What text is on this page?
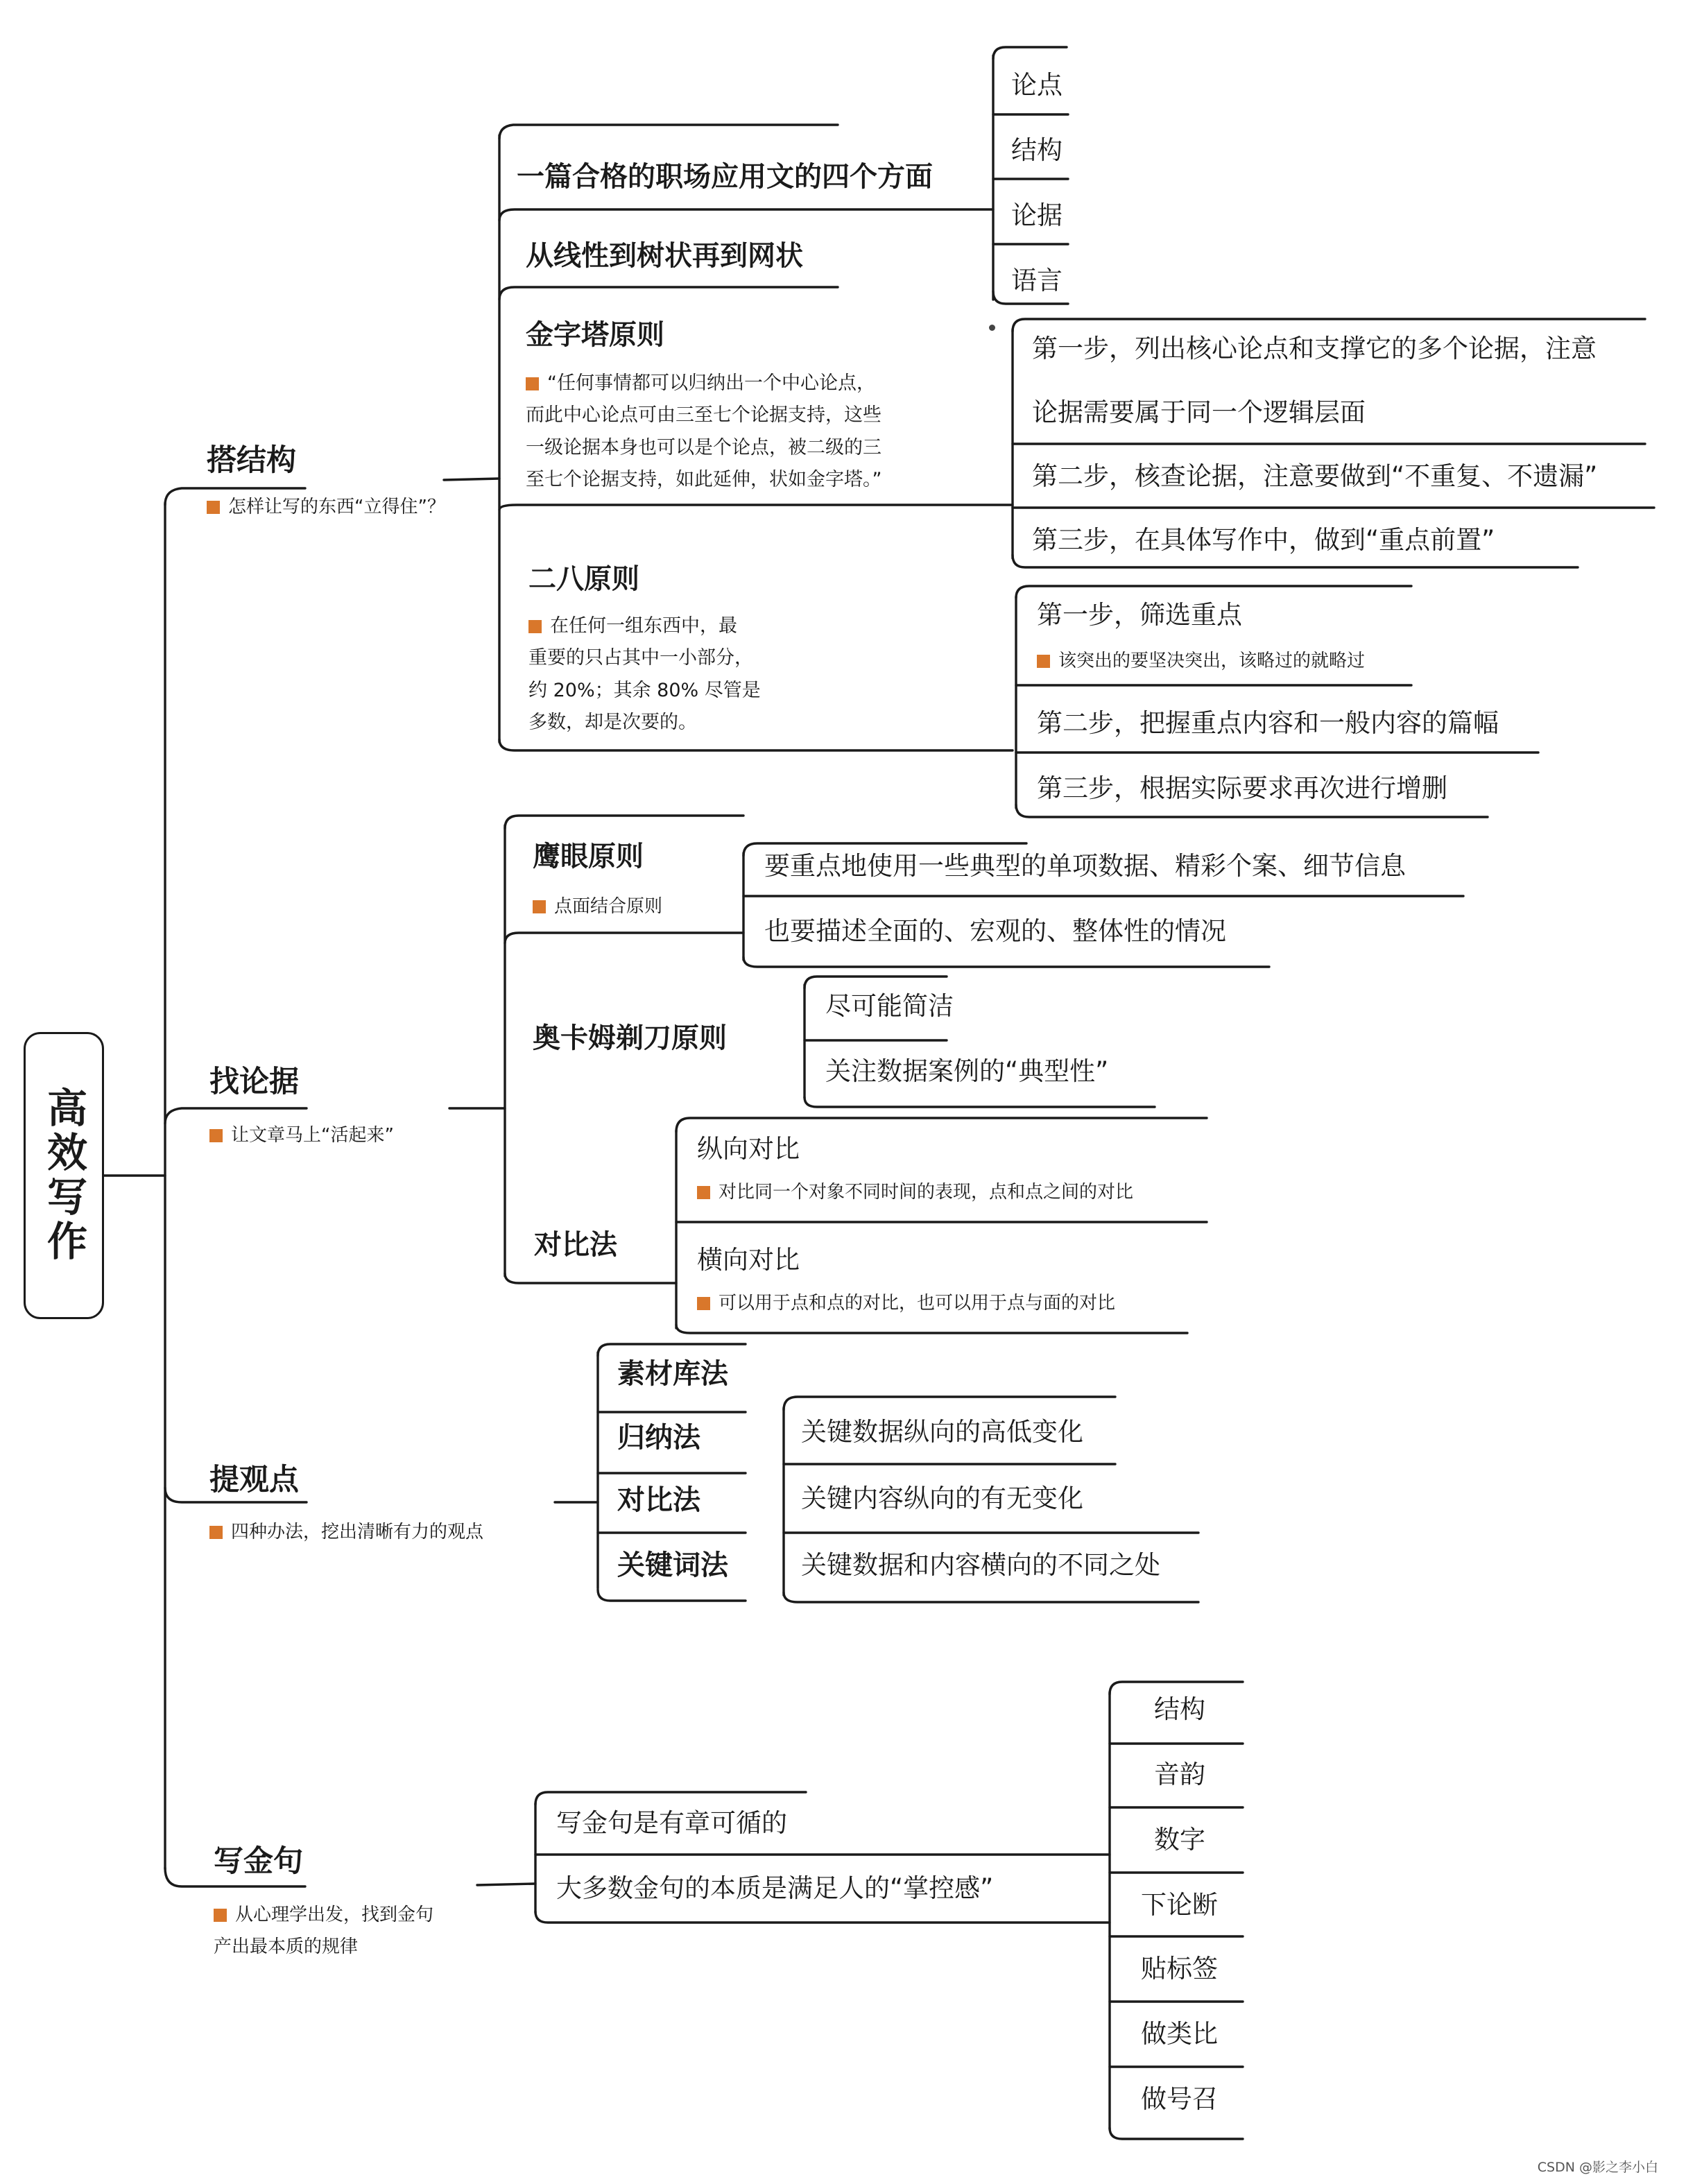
高效写作
搭结构
怎样让写的东西“立得住”？
一篇合格的职场应用文的四个方面
论点
结构
论据
语言
从线性到树状再到网状
金字塔原则
“任何事情都可以归纳出一个中心论点，
而此中心论点可由三至七个论据支持，这些
一级论据本身也可以是个论点，被二级的三
至七个论据支持，如此延伸，状如金字塔。”
第一步，列出核心论点和支撑它的多个论据，注意
论据需要属于同一个逻辑层面
第二步，核查论据，注意要做到“不重复、不遗漏”
第三步，在具体写作中，做到“重点前置”
二八原则
在任何一组东西中，最
重要的只占其中一小部分，
约 20%；其余 80% 尽管是
多数，却是次要的。
第一步，筛选重点
该突出的要坚决突出，该略过的就略过
第二步，把握重点内容和一般内容的篇幅
第三步，根据实际要求再次进行增删
找论据
让文章马上“活起来”
鹰眼原则
点面结合原则
要重点地使用一些典型的单项数据、精彩个案、细节信息
也要描述全面的、宏观的、整体性的情况
奥卡姆剃刀原则
尽可能简洁
关注数据案例的“典型性”
对比法
纵向对比
对比同一个对象不同时间的表现，点和点之间的对比
横向对比
可以用于点和点的对比，也可以用于点与面的对比
提观点
四种办法，挖出清晰有力的观点
素材库法
归纳法
对比法
关键词法
关键数据纵向的高低变化
关键内容纵向的有无变化
关键数据和内容横向的不同之处
写金句
从心理学出发，找到金句
产出最本质的规律
写金句是有章可循的
大多数金句的本质是满足人的“掌控感”
结构
音韵
数字
下论断
贴标签
做类比
做号召
CSDN @影之李小白
